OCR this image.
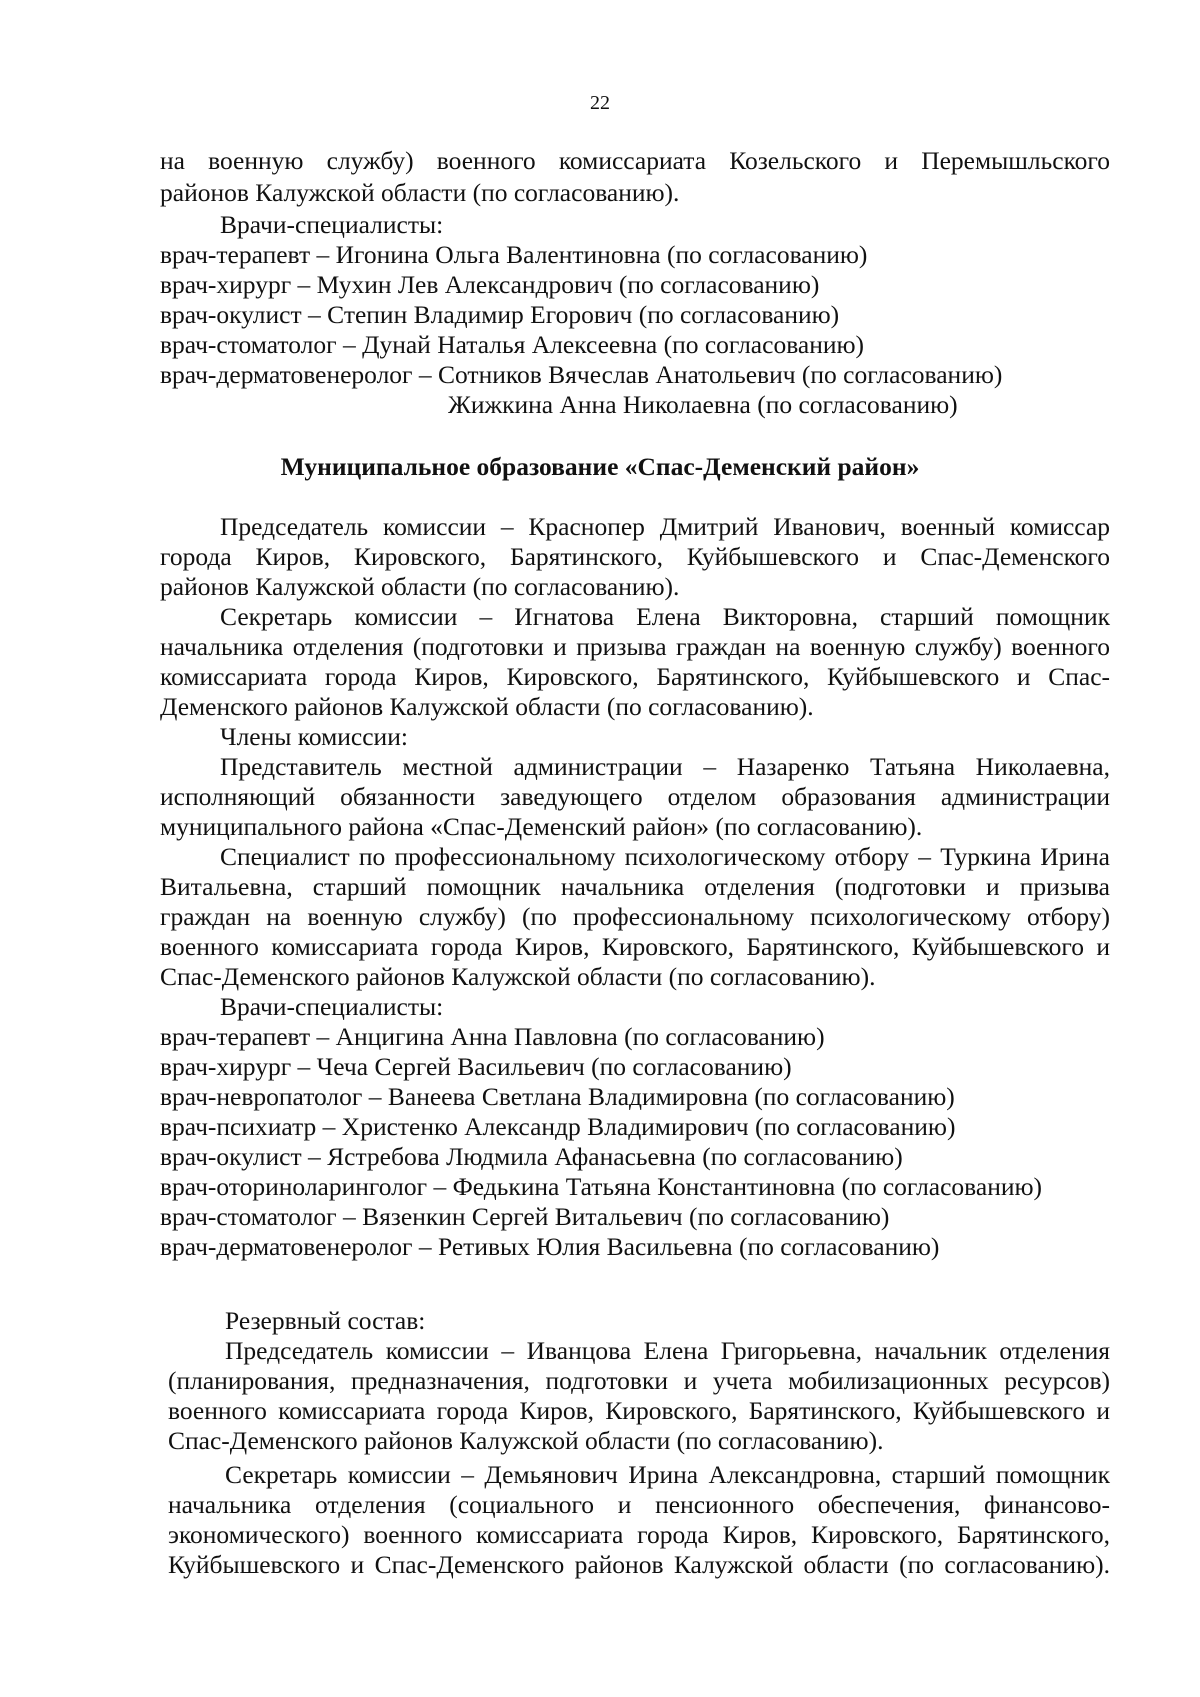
22
на военную службу) военного комиссариата Козельского и Перемышльского
районов Калужской области (по согласованию).
Врачи-специалисты:
врач-терапевт – Игонина Ольга Валентиновна (по согласованию)
врач-хирург – Мухин Лев Александрович (по согласованию)
врач-окулист – Степин Владимир Егорович (по согласованию)
врач-стоматолог – Дунай Наталья Алексеевна (по согласованию)
врач-дерматовенеролог – Сотников Вячеслав Анатольевич (по согласованию)
Жижкина Анна Николаевна (по согласованию)
Муниципальное образование «Спас-Деменский район»
Председатель комиссии – Краснопер Дмитрий Иванович, военный комиссар
города Киров, Кировского, Барятинского, Куйбышевского и Спас-Деменского
районов Калужской области (по согласованию).
Секретарь комиссии – Игнатова Елена Викторовна, старший помощник
начальника отделения (подготовки и призыва граждан на военную службу) военного
комиссариата города Киров, Кировского, Барятинского, Куйбышевского и Спас-
Деменского районов Калужской области (по согласованию).
Члены комиссии:
Представитель местной администрации – Назаренко Татьяна Николаевна,
исполняющий обязанности заведующего отделом образования администрации
муниципального района «Спас-Деменский район» (по согласованию).
Специалист по профессиональному психологическому отбору – Туркина Ирина
Витальевна, старший помощник начальника отделения (подготовки и призыва
граждан на военную службу) (по профессиональному психологическому отбору)
военного комиссариата города Киров, Кировского, Барятинского, Куйбышевского и
Спас-Деменского районов Калужской области (по согласованию).
Врачи-специалисты:
врач-терапевт – Анцигина Анна Павловна (по согласованию)
врач-хирург – Чеча Сергей Васильевич (по согласованию)
врач-невропатолог – Ванеева Светлана Владимировна (по согласованию)
врач-психиатр – Христенко Александр Владимирович (по согласованию)
врач-окулист – Ястребова Людмила Афанасьевна (по согласованию)
врач-оториноларинголог – Федькина Татьяна Константиновна (по согласованию)
врач-стоматолог – Вязенкин Сергей Витальевич (по согласованию)
врач-дерматовенеролог – Ретивых Юлия Васильевна (по согласованию)
Резервный состав:
Председатель комиссии – Иванцова Елена Григорьевна, начальник отделения
(планирования, предназначения, подготовки и учета мобилизационных ресурсов)
военного комиссариата города Киров, Кировского, Барятинского, Куйбышевского и
Спас-Деменского районов Калужской области (по согласованию).
Секретарь комиссии – Демьянович Ирина Александровна, старший помощник
начальника отделения (социального и пенсионного обеспечения, финансово-
экономического) военного комиссариата города Киров, Кировского, Барятинского,
Куйбышевского и Спас-Деменского районов Калужской области (по согласованию).
